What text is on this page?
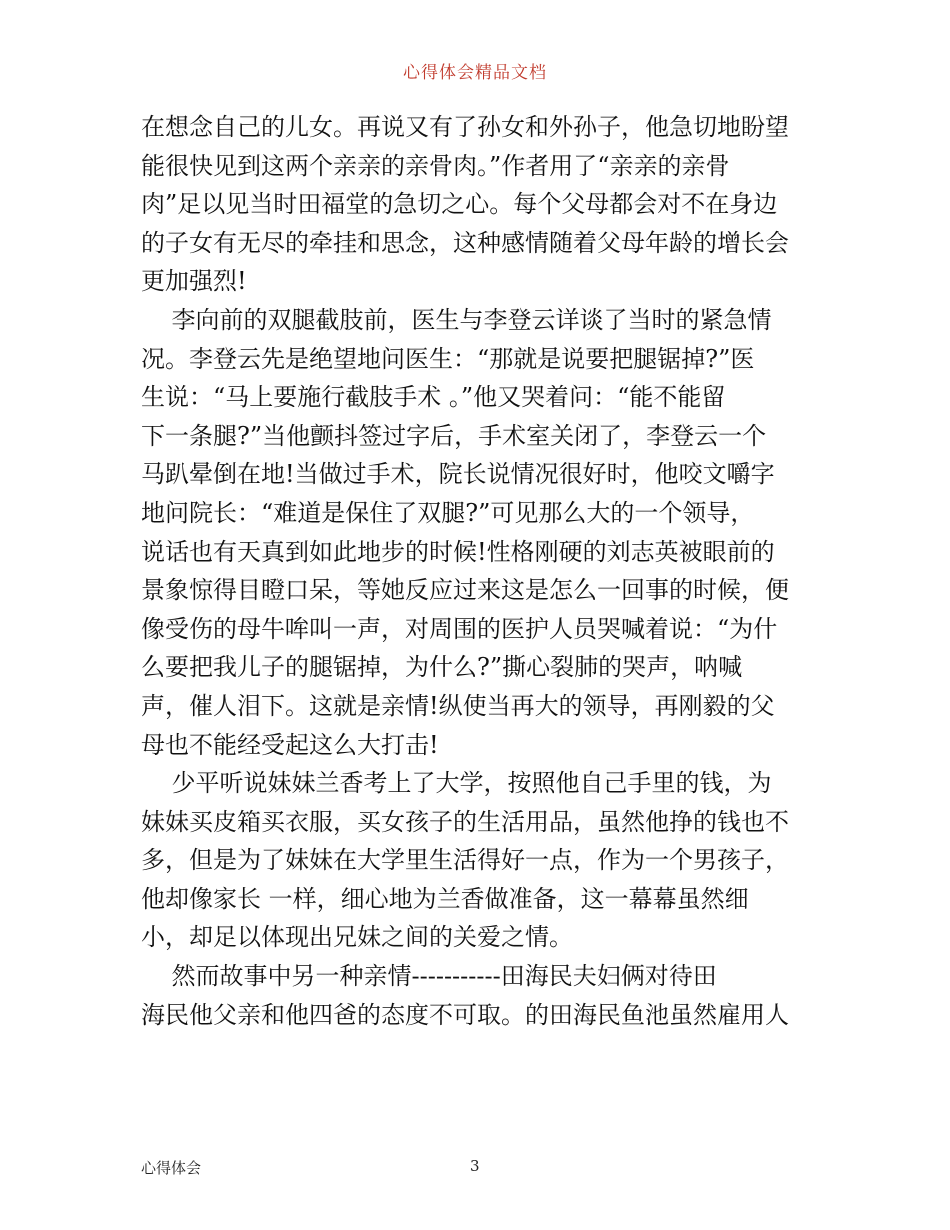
心得体会精品文档
在想念自己的儿女。再说又有了孙女和外孙子，他急切地盼望
能很快见到这两个亲亲的亲骨肉。”作者用了“亲亲的亲骨
肉”足以见当时田福堂的急切之心。每个父母都会对不在身边
的子女有无尽的牵挂和思念，这种感情随着父母年龄的增长会
更加强烈!
李向前的双腿截肢前，医生与李登云详谈了当时的紧急情
况。李登云先是绝望地问医生：“那就是说要把腿锯掉?”医
生说：“马上要施行截肢手术 。”他又哭着问：“能不能留
下一条腿?”当他颤抖签过字后，手术室关闭了，李登云一个
马趴晕倒在地!当做过手术，院长说情况很好时，他咬文嚼字
地问院长：“难道是保住了双腿?”可见那么大的一个领导，
说话也有天真到如此地步的时候!性格刚硬的刘志英被眼前的
景象惊得目瞪口呆，等她反应过来这是怎么一回事的时候，便
像受伤的母牛哞叫一声，对周围的医护人员哭喊着说：“为什
么要把我儿子的腿锯掉，为什么?”撕心裂肺的哭声，呐喊
声，催人泪下。这就是亲情!纵使当再大的领导，再刚毅的父
母也不能经受起这么大打击!
少平听说妹妹兰香考上了大学，按照他自己手里的钱，为
妹妹买皮箱买衣服，买女孩子的生活用品，虽然他挣的钱也不
多，但是为了妹妹在大学里生活得好一点，作为一个男孩子，
他却像家长 一样，细心地为兰香做准备，这一幕幕虽然细
小，却足以体现出兄妹之间的关爱之情。
然而故事中另一种亲情-----------田海民夫妇俩对待田
海民他父亲和他四爸的态度不可取。的田海民鱼池虽然雇用人
心得体会	3
